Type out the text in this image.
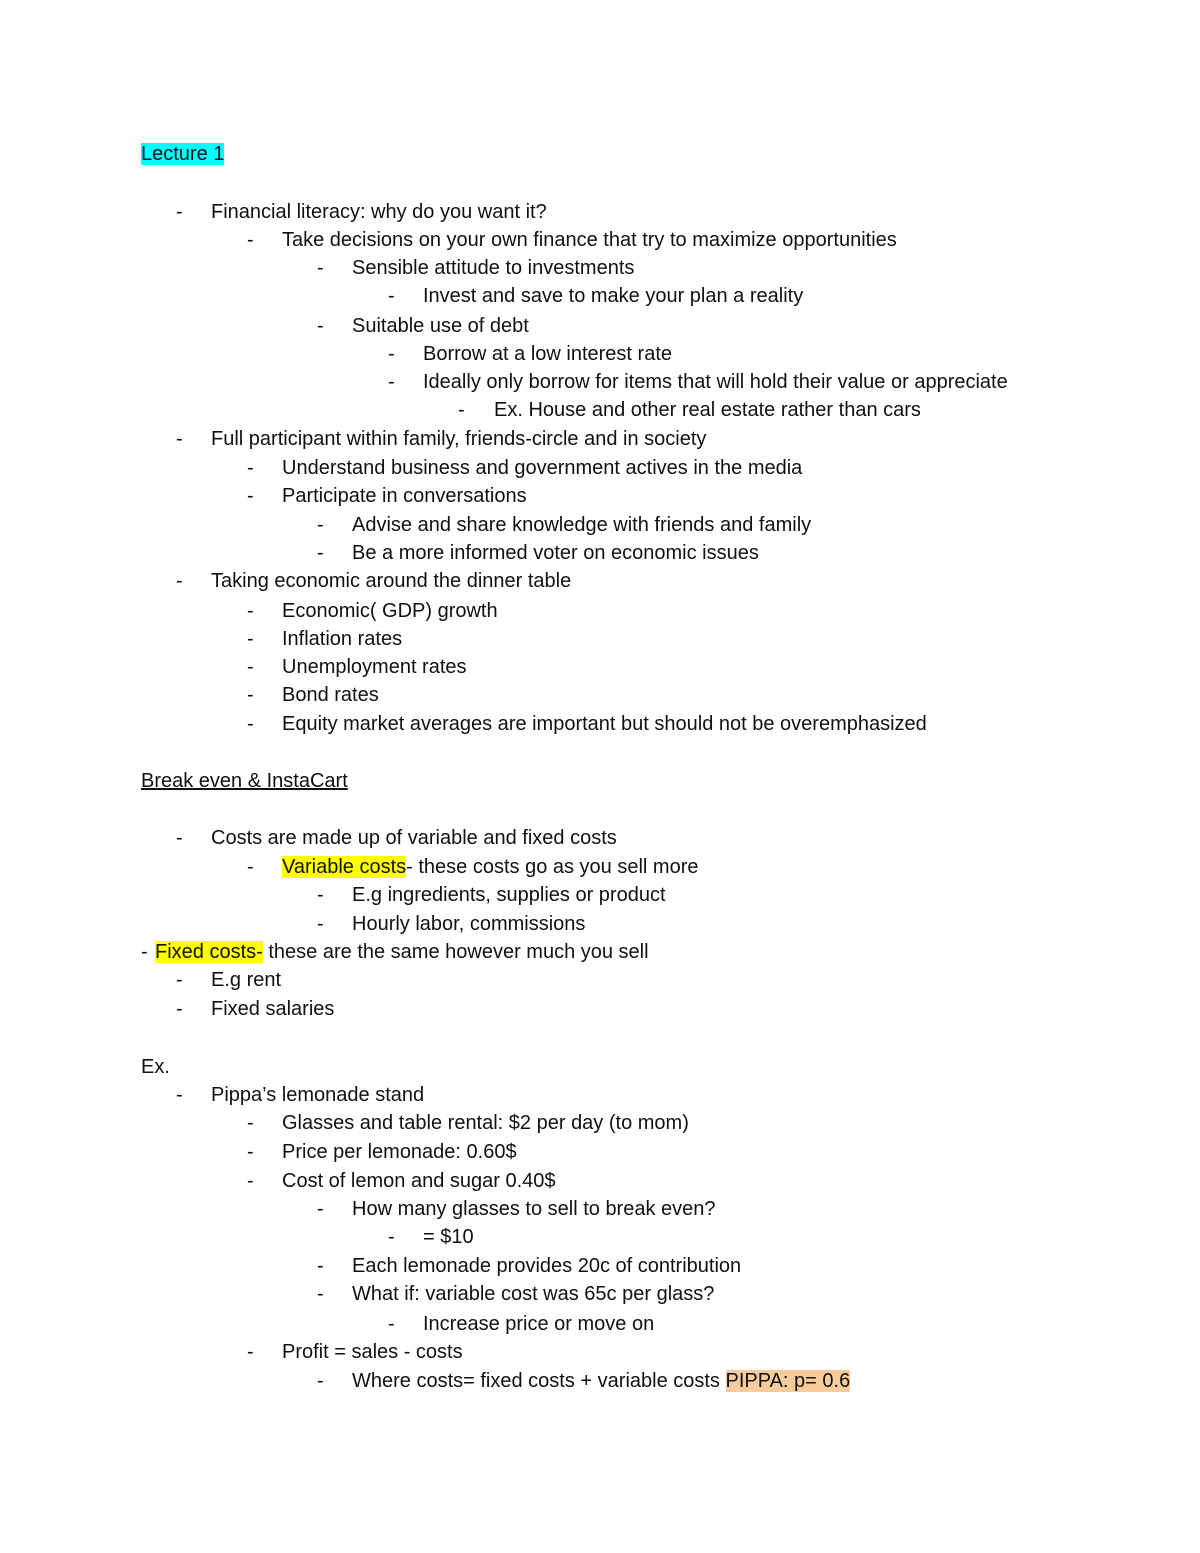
Lecture 1
- Financial literacy: why do you want it?
- Take decisions on your own finance that try to maximize opportunities
- Sensible attitude to investments
- Invest and save to make your plan a reality
- Suitable use of debt
- Borrow at a low interest rate
- Ideally only borrow for items that will hold their value or appreciate
- Ex. House and other real estate rather than cars
- Full participant within family, friends-circle and in society
- Understand business and government actives in the media
- Participate in conversations
- Advise and share knowledge with friends and family
- Be a more informed voter on economic issues
- Taking economic around the dinner table
- Economic( GDP) growth
- Inflation rates
- Unemployment rates
- Bond rates
- Equity market averages are important but should not be overemphasized
Break even & InstaCart
- Costs are made up of variable and fixed costs
- Variable costs- these costs go as you sell more
- E.g ingredients, supplies or product
- Hourly labor, commissions
- Fixed costs- these are the same however much you sell
- E.g rent
- Fixed salaries
Ex.
- Pippa’s lemonade stand
- Glasses and table rental: $2 per day (to mom)
- Price per lemonade: 0.60$
- Cost of lemon and sugar 0.40$
- How many glasses to sell to break even?
- = $10
- Each lemonade provides 20c of contribution
- What if: variable cost was 65c per glass?
- Increase price or move on
- Profit = sales - costs
- Where costs= fixed costs + variable costs PIPPA: p= 0.6
